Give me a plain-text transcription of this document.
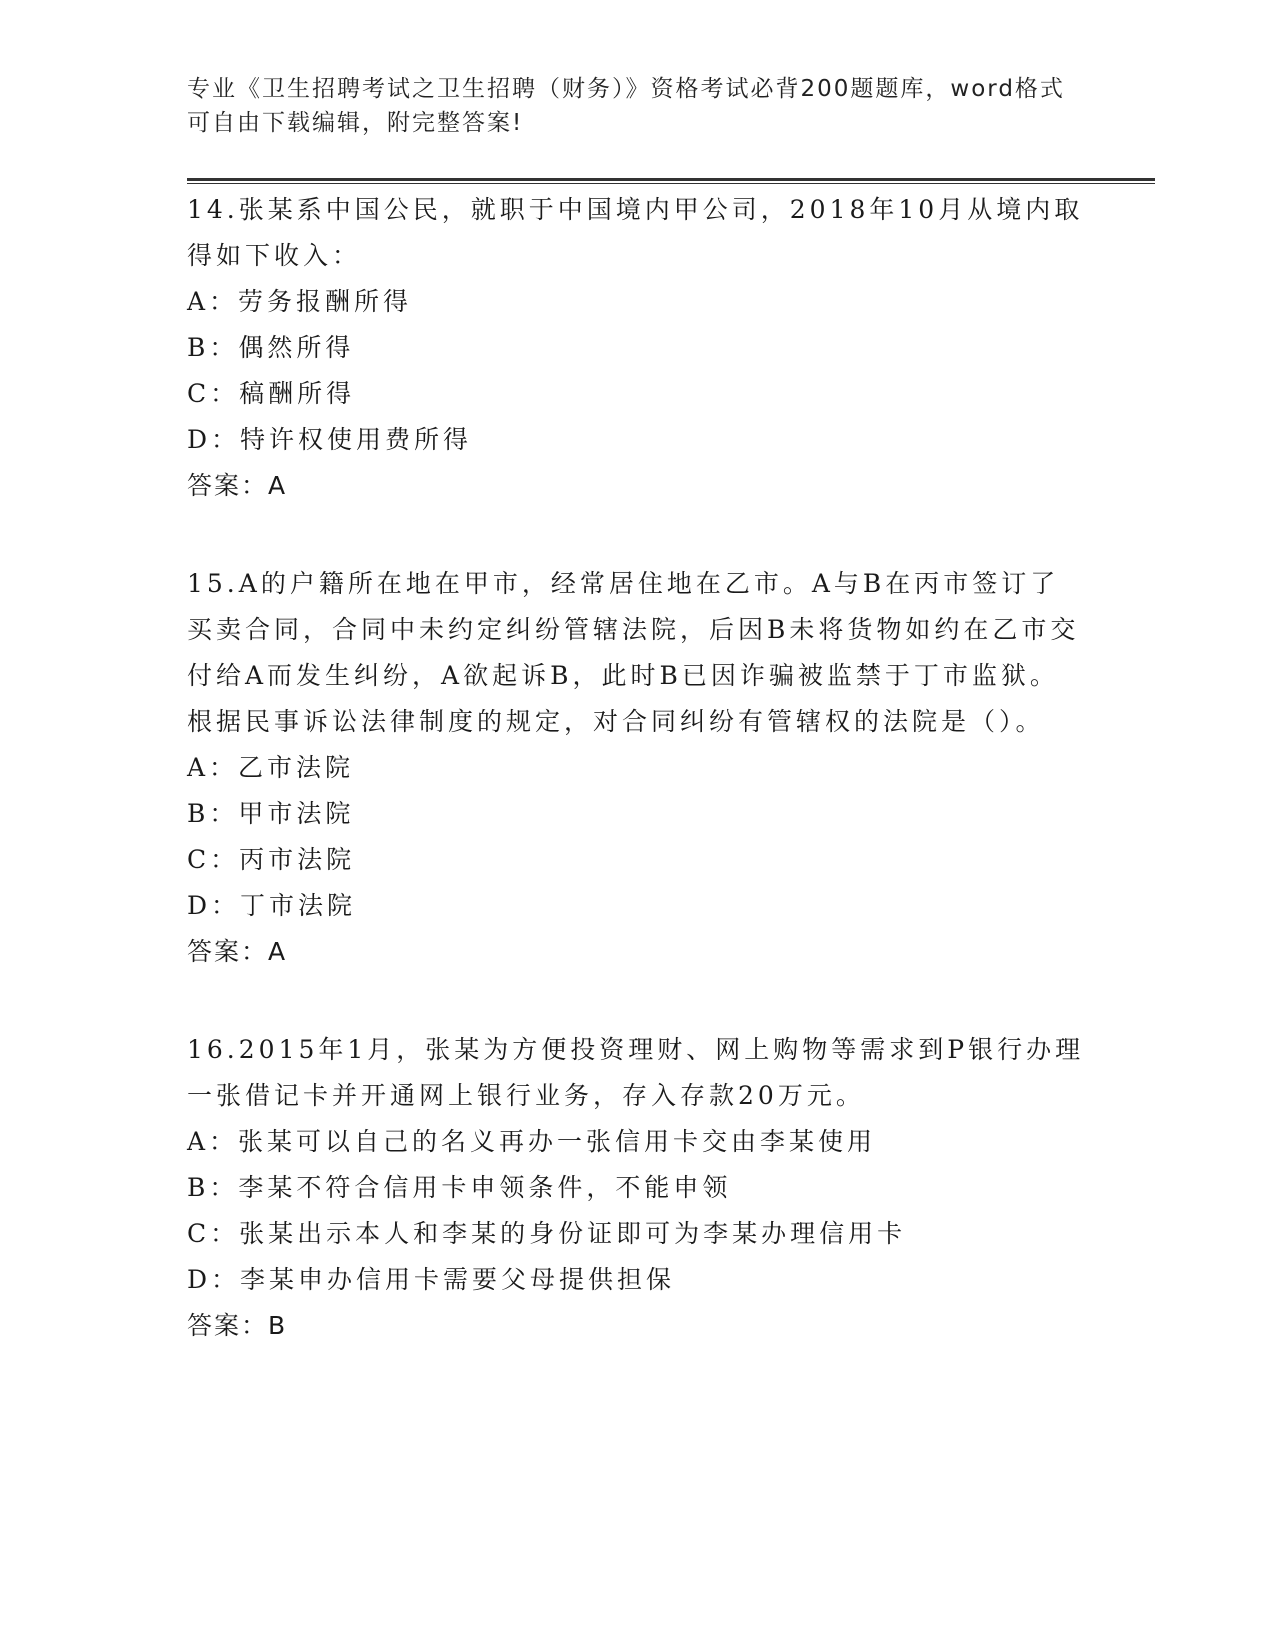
专业《卫生招聘考试之卫生招聘（财务）》资格考试必背200题题库，word格式
可自由下载编辑，附完整答案!

14.张某系中国公民，就职于中国境内甲公司，2018年10月从境内取得如下收入：

A：劳务报酬所得

B：偶然所得

C：稿酬所得

D：特许权使用费所得

答案：A

15.A的户籍所在地在甲市，经常居住地在乙市。A与B在丙市签订了买卖合同，合同中未约定纠纷管辖法院，后因B未将货物如约在乙市交付给A而发生纠纷，A欲起诉B，此时B已因诈骗被监禁于丁市监狱。根据民事诉讼法律制度的规定，对合同纠纷有管辖权的法院是（）。

A：乙市法院

B：甲市法院

C：丙市法院

D：丁市法院

答案：A

16.2015年1月，张某为方便投资理财、网上购物等需求到P银行办理一张借记卡并开通网上银行业务，存入存款20万元。

A：张某可以自己的名义再办一张信用卡交由李某使用

B：李某不符合信用卡申领条件，不能申领

C：张某出示本人和李某的身份证即可为李某办理信用卡

D：李某申办信用卡需要父母提供担保

答案：B
